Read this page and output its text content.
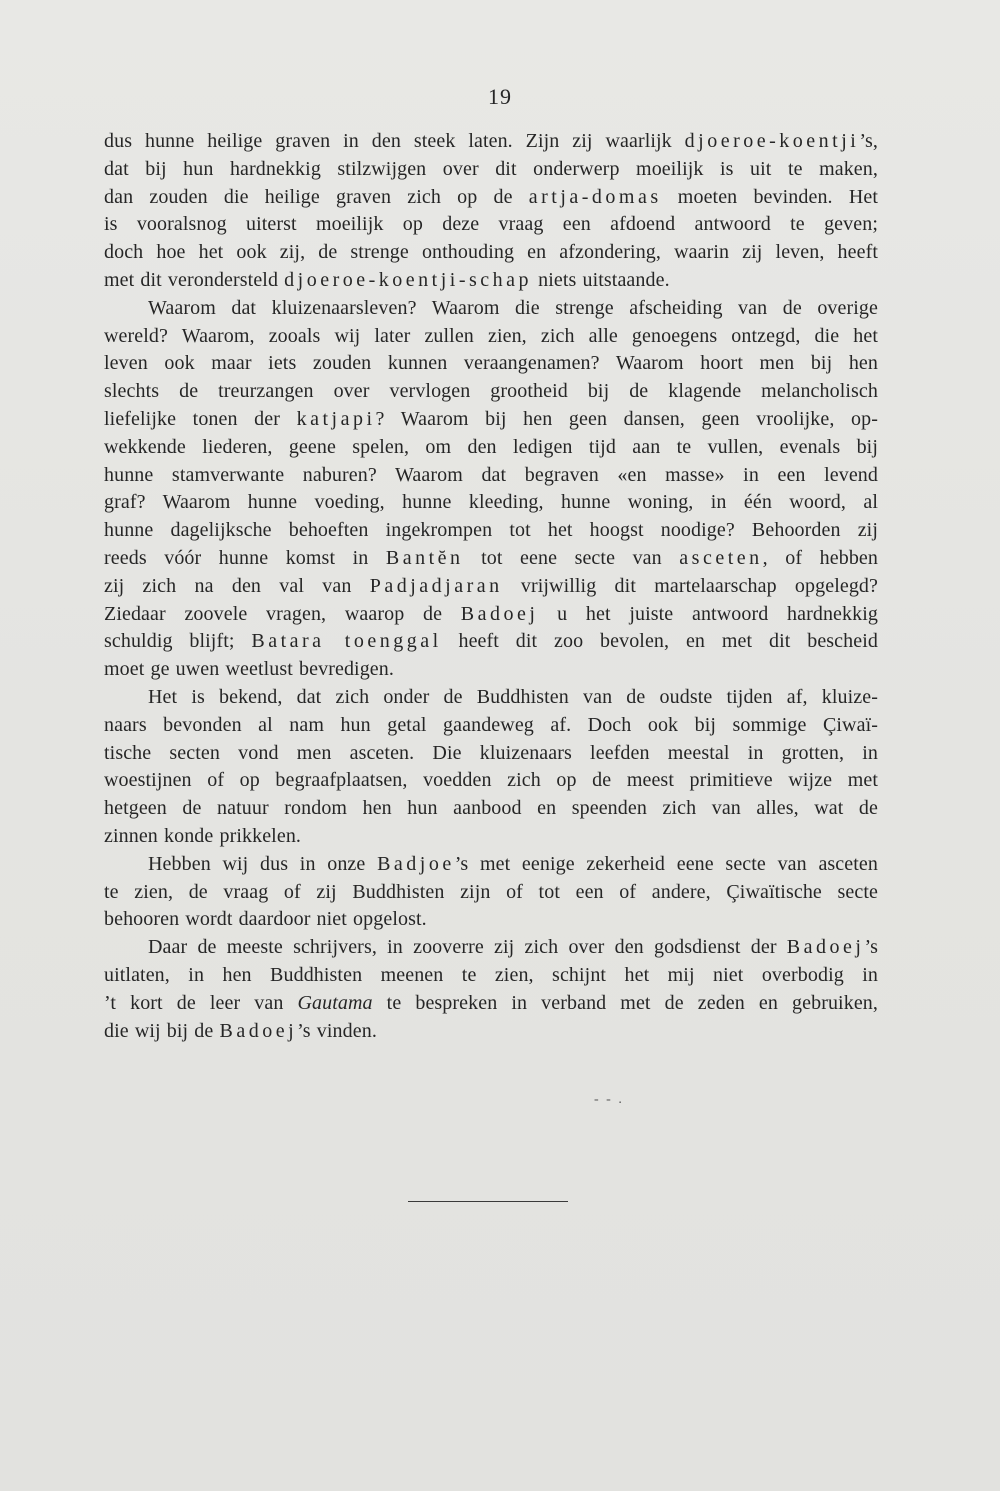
19
dus hunne heilige graven in den steek laten. Zijn zij waarlijk djoeroe-koentji’s,
dat bij hun hardnekkig stilzwijgen over dit onderwerp moeilijk is uit te maken,
dan zouden die heilige graven zich op de artja-domas moeten bevinden. Het
is vooralsnog uiterst moeilijk op deze vraag een afdoend antwoord te geven;
doch hoe het ook zij, de strenge onthouding en afzondering, waarin zij leven, heeft
met dit verondersteld djoeroe-koentji-schap niets uitstaande.
Waarom dat kluizenaarsleven? Waarom die strenge afscheiding van de overige
wereld? Waarom, zooals wij later zullen zien, zich alle genoegens ontzegd, die het
leven ook maar iets zouden kunnen veraangenamen? Waarom hoort men bij hen
slechts de treurzangen over vervlogen grootheid bij de klagende melancholisch
liefelijke tonen der katjapi? Waarom bij hen geen dansen, geen vroolijke, op-
wekkende liederen, geene spelen, om den ledigen tijd aan te vullen, evenals bij
hunne stamverwante naburen? Waarom dat begraven «en masse» in een levend
graf? Waarom hunne voeding, hunne kleeding, hunne woning, in één woord, al
hunne dagelijksche behoeften ingekrompen tot het hoogst noodige? Behoorden zij
reeds vóór hunne komst in Bantĕn tot eene secte van asceten, of hebben
zij zich na den val van Padjadjaran vrijwillig dit martelaarschap opgelegd?
Ziedaar zoovele vragen, waarop de Badoej u het juiste antwoord hardnekkig
schuldig blijft; Batara toenggal heeft dit zoo bevolen, en met dit bescheid
moet ge uwen weetlust bevredigen.
Het is bekend, dat zich onder de Buddhisten van de oudste tijden af, kluize-
naars bevonden al nam hun getal gaandeweg af. Doch ook bij sommige Çiwaï-
tische secten vond men asceten. Die kluizenaars leefden meestal in grotten, in
woestijnen of op begraafplaatsen, voedden zich op de meest primitieve wijze met
hetgeen de natuur rondom hen hun aanbood en speenden zich van alles, wat de
zinnen konde prikkelen.
Hebben wij dus in onze Badjoe’s met eenige zekerheid eene secte van asceten
te zien, de vraag of zij Buddhisten zijn of tot een of andere, Çiwaïtische secte
behooren wordt daardoor niet opgelost.
Daar de meeste schrijvers, in zooverre zij zich over den godsdienst der Badoej’s
uitlaten, in hen Buddhisten meenen te zien, schijnt het mij niet overbodig in
’t kort de leer van Gautama te bespreken in verband met de zeden en gebruiken,
die wij bij de Badoej’s vinden.
- - .
